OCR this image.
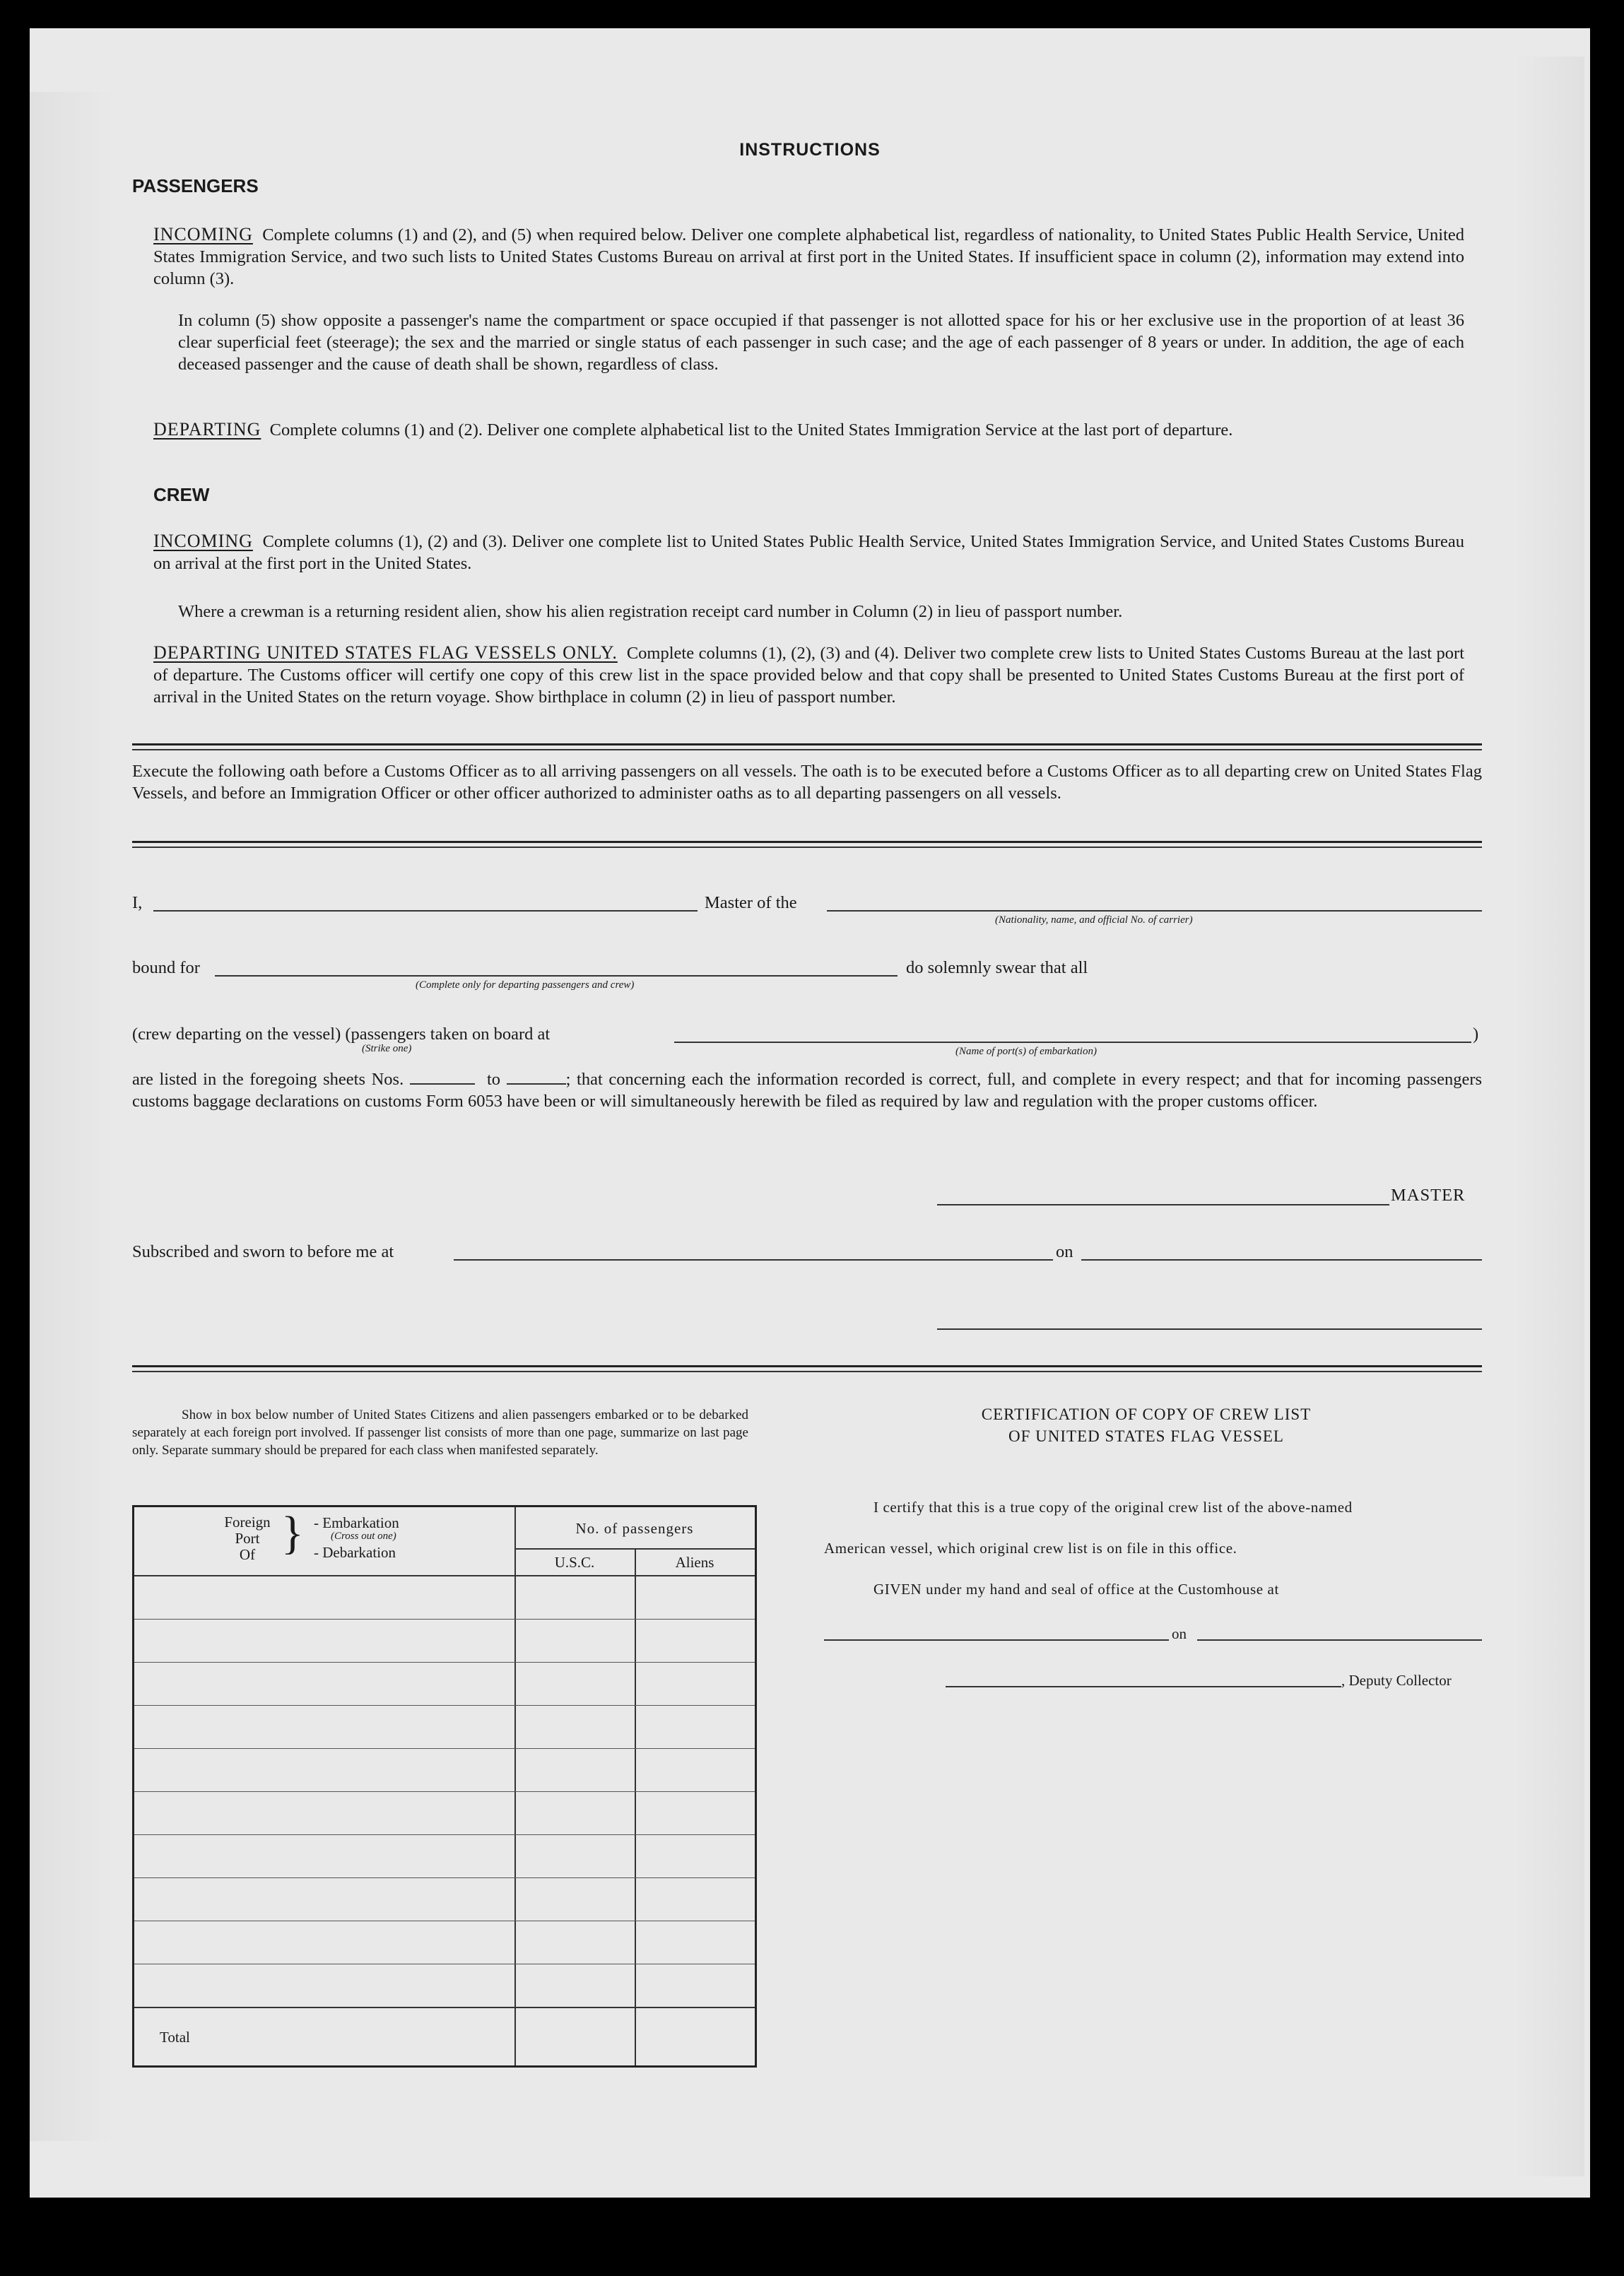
INSTRUCTIONS
PASSENGERS
INCOMING Complete columns (1) and (2), and (5) when required below. Deliver one complete alphabetical list, regardless of nationality, to United States Public Health Service, United States Immigration Service, and two such lists to United States Customs Bureau on arrival at first port in the United States. If insufficient space in column (2), information may extend into column (3).
In column (5) show opposite a passenger's name the compartment or space occupied if that passenger is not allotted space for his or her exclusive use in the proportion of at least 36 clear superficial feet (steerage); the sex and the married or single status of each passenger in such case; and the age of each passenger of 8 years or under. In addition, the age of each deceased passenger and the cause of death shall be shown, regardless of class.
DEPARTING Complete columns (1) and (2). Deliver one complete alphabetical list to the United States Immigration Service at the last port of departure.
CREW
INCOMING Complete columns (1), (2) and (3). Deliver one complete list to United States Public Health Service, United States Immigration Service, and United States Customs Bureau on arrival at the first port in the United States.
Where a crewman is a returning resident alien, show his alien registration receipt card number in Column (2) in lieu of passport number.
DEPARTING UNITED STATES FLAG VESSELS ONLY. Complete columns (1), (2), (3) and (4). Deliver two complete crew lists to United States Customs Bureau at the last port of departure. The Customs officer will certify one copy of this crew list in the space provided below and that copy shall be presented to United States Customs Bureau at the first port of arrival in the United States on the return voyage. Show birthplace in column (2) in lieu of passport number.
Execute the following oath before a Customs Officer as to all arriving passengers on all vessels. The oath is to be executed before a Customs Officer as to all departing crew on United States Flag Vessels, and before an Immigration Officer or other officer authorized to administer oaths as to all departing passengers on all vessels.
I,	Master of the
(Nationality, name, and official No. of carrier)
bound for
(Complete only for departing passengers and crew)
do solemnly swear that all
(crew departing on the vessel) (passengers taken on board at
(Strike one)	(Name of port(s) of embarkation)
)
are listed in the foregoing sheets Nos.	to	; that concerning each the information recorded is correct, full, and complete in every respect; and that for incoming passengers customs baggage declarations on customs Form 6053 have been or will simultaneously herewith be filed as required by law and regulation with the proper customs officer.
MASTER
Subscribed and sworn to before me at	on
Show in box below number of United States Citizens and alien passengers embarked or to be debarked separately at each foreign port involved. If passenger list consists of more than one page, summarize on last page only. Separate summary should be prepared for each class when manifested separately.
Foreign
Port
Of } - Embarkation
(Cross out one)
- Debarkation
No. of passengers
U.S.C.	Aliens
Total
CERTIFICATION OF COPY OF CREW LIST
OF UNITED STATES FLAG VESSEL
I certify that this is a true copy of the original crew list of the above-named
American vessel, which original crew list is on file in this office.
GIVEN under my hand and seal of office at the Customhouse at
on
, Deputy Collector
